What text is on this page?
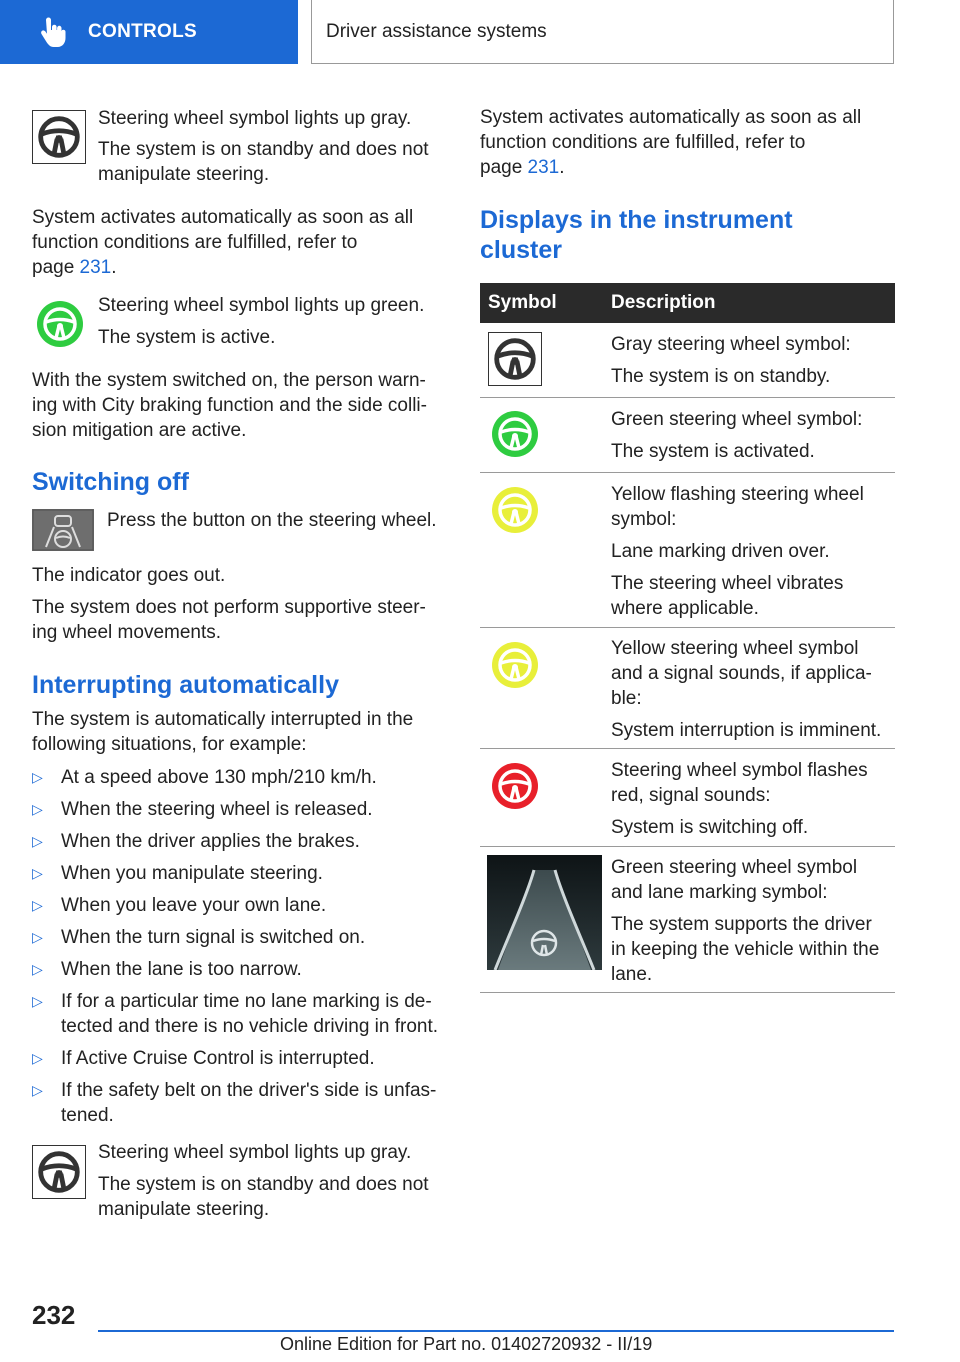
CONTROLS	Driver assistance systems
Steering wheel symbol lights up gray.
The system is on standby and does not
manipulate steering.
System activates automatically as soon as all
function conditions are fulfilled, refer to
page 231.
Steering wheel symbol lights up green.
The system is active.
With the system switched on, the person warn-
ing with City braking function and the side colli-
sion mitigation are active.
Switching off
Press the button on the steering wheel.
The indicator goes out.
The system does not perform supportive steer-
ing wheel movements.
Interrupting automatically
The system is automatically interrupted in the
following situations, for example:
▷ At a speed above 130 mph/210 km/h.
▷ When the steering wheel is released.
▷ When the driver applies the brakes.
▷ When you manipulate steering.
▷ When you leave your own lane.
▷ When the turn signal is switched on.
▷ When the lane is too narrow.
▷ If for a particular time no lane marking is de-
tected and there is no vehicle driving in front.
▷ If Active Cruise Control is interrupted.
▷ If the safety belt on the driver's side is unfas-
tened.
Steering wheel symbol lights up gray.
The system is on standby and does not
manipulate steering.
System activates automatically as soon as all
function conditions are fulfilled, refer to
page 231.
Displays in the instrument
cluster
Symbol	Description
Gray steering wheel symbol:
The system is on standby.
Green steering wheel symbol:
The system is activated.
Yellow flashing steering wheel
symbol:
Lane marking driven over.
The steering wheel vibrates
where applicable.
Yellow steering wheel symbol
and a signal sounds, if applica-
ble:
System interruption is imminent.
Steering wheel symbol flashes
red, signal sounds:
System is switching off.
Green steering wheel symbol
and lane marking symbol:
The system supports the driver
in keeping the vehicle within the
lane.
232
Online Edition for Part no. 01402720932 - II/19
